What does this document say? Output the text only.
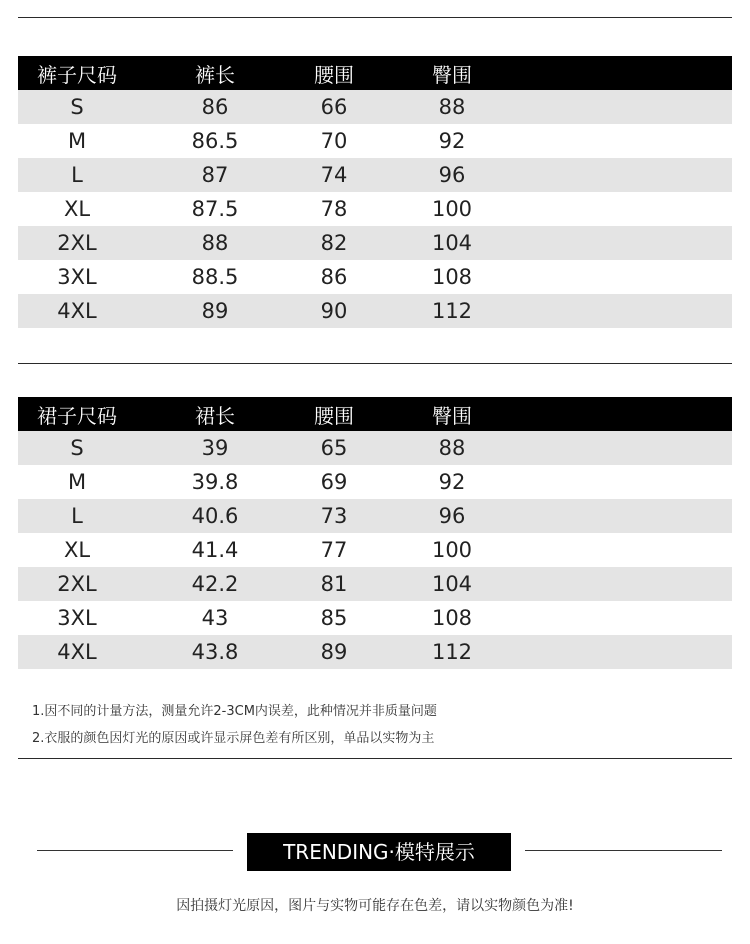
裤子尺码	裤长	腰围	臀围
S	86	66	88
M	86.5	70	92
L	87	74	96
XL	87.5	78	100
2XL	88	82	104
3XL	88.5	86	108
4XL	89	90	112
裙子尺码	裙长	腰围	臀围
S	39	65	88
M	39.8	69	92
L	40.6	73	96
XL	41.4	77	100
2XL	42.2	81	104
3XL	43	85	108
4XL	43.8	89	112
1.因不同的计量方法，测量允许2-3CM内误差，此种情况并非质量问题
2.衣服的颜色因灯光的原因或许显示屏色差有所区别，单品以实物为主
TRENDING·模特展示
因拍摄灯光原因，图片与实物可能存在色差，请以实物颜色为准!
